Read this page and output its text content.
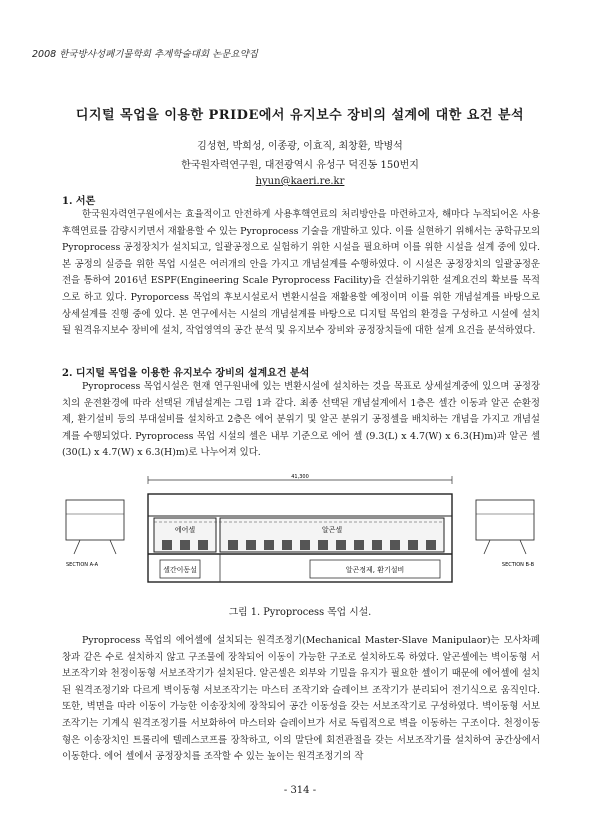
2008 한국방사성폐기물학회 추계학술대회 논문요약집
디지털 목업을 이용한 PRIDE에서 유지보수 장비의 설계에 대한 요건 분석
김성현, 박희성, 이종광, 이효직, 최창환, 박병석
한국원자력연구원, 대전광역시 유성구 덕진동 150번지
hyun@kaeri.re.kr
1. 서론

한국원자력연구원에서는 효율적이고 안전하게 사용후핵연료의 처리방안을 마련하고자, 해마다 누적되어온 사용후핵연료를 감량시키면서 재활용할 수 있는 Pyroprocess 기술을 개발하고 있다. 이를 실현하기 위해서는 공학규모의 Pyroprocess 공정장치가 설치되고, 일괄공정으로 실험하기 위한 시설을 필요하며 이를 위한 시설을 설계 중에 있다. 본 공정의 실증을 위한 목업 시설은 여러개의 안을 가지고 개념설계를 수행하였다. 이 시설은 공정장치의 일괄공정운전을 통하여 2016년 ESPF(Engineering Scale Pyroprocess Facility)을 건설하기위한 설계요건의 확보를 목적으로 하고 있다. Pyroporcess 목업의 후보시설로서 변환시설을 재활용할 예정이며 이를 위한 개념설계를 바탕으로 상세설계를 진행 중에 있다. 본 연구에서는 시설의 개념설계를 바탕으로 디지털 목업의 환경을 구성하고 시설에 설치될 원격유지보수 장비에 설치, 작업영역의 공간 분석 및 유지보수 장비와 공정장치들에 대한 설계 요건을 분석하였다.

2. 디지털 목업을 이용한 유지보수 장비의 설계요건 분석

Pyroprocess 목업시설은 현재 연구원내에 있는 변환시설에 설치하는 것을 목표로 상세설계중에 있으며 공정장치의 운전환경에 따라 선택된 개념설계는 그림 1과 같다. 최종 선택된 개념설계에서 1층은 셀간 이동과 알곤 순환정제, 환기설비 등의 부대설비를 설치하고 2층은 에어 분위기 및 알곤 분위기 공정셀을 배치하는 개념을 가지고 개념설계를 수행되었다. Pyroprocess 목업 시설의 셀은 내부 기준으로 에어 셀 (9.3(L) x 4.7(W) x 6.3(H)m)과 알곤 셀 (30(L) x 4.7(W) x 6.3(H)m)로 나누어져 있다.

41,300
SECTION A-A	SECTION B-B
에어셀	알곤셀
셀간이동설	알곤정제, 환기설비
그림 1. Pyroprocess 목업 시설.

Pyroprocess 목업의 에어셀에 설치되는 원격조정기(Mechanical Master-Slave Manipulaor)는 모사차폐창과 같은 수로 설치하지 않고 구조물에 장착되어 이동이 가능한 구조로 설치하도록 하였다. 알곤셀에는 벽이동형 서보조작기와 천정이동형 서보조작기가 설치된다. 알곤셀은 외부와 기밀을 유지가 필요한 셀이기 때문에 에어셀에 설치된 원격조정기와 다르게 벽이동형 서보조작기는 마스터 조작기와 슬레이브 조작기가 분리되어 전기식으로 움직인다. 또한, 벽면을 따라 이동이 가능한 이송장치에 장착되어 공간 이동성을 갖는 서보조작기로 구성하였다. 벽이동형 서보조작기는 기계식 원격조정기를 서보화하여 마스터와 슬레이브가 서로 독립적으로 벽을 이동하는 구조이다. 천정이동형은 이송장치인 트롤리에 텔레스코프를 장착하고, 이의 말단에 회전관절을 갖는 서보조작기를 설치하여 공간상에서 이동한다. 에어 셀에서 공정장치를 조작할 수 있는 높이는 원격조정기의 작

- 314 -
